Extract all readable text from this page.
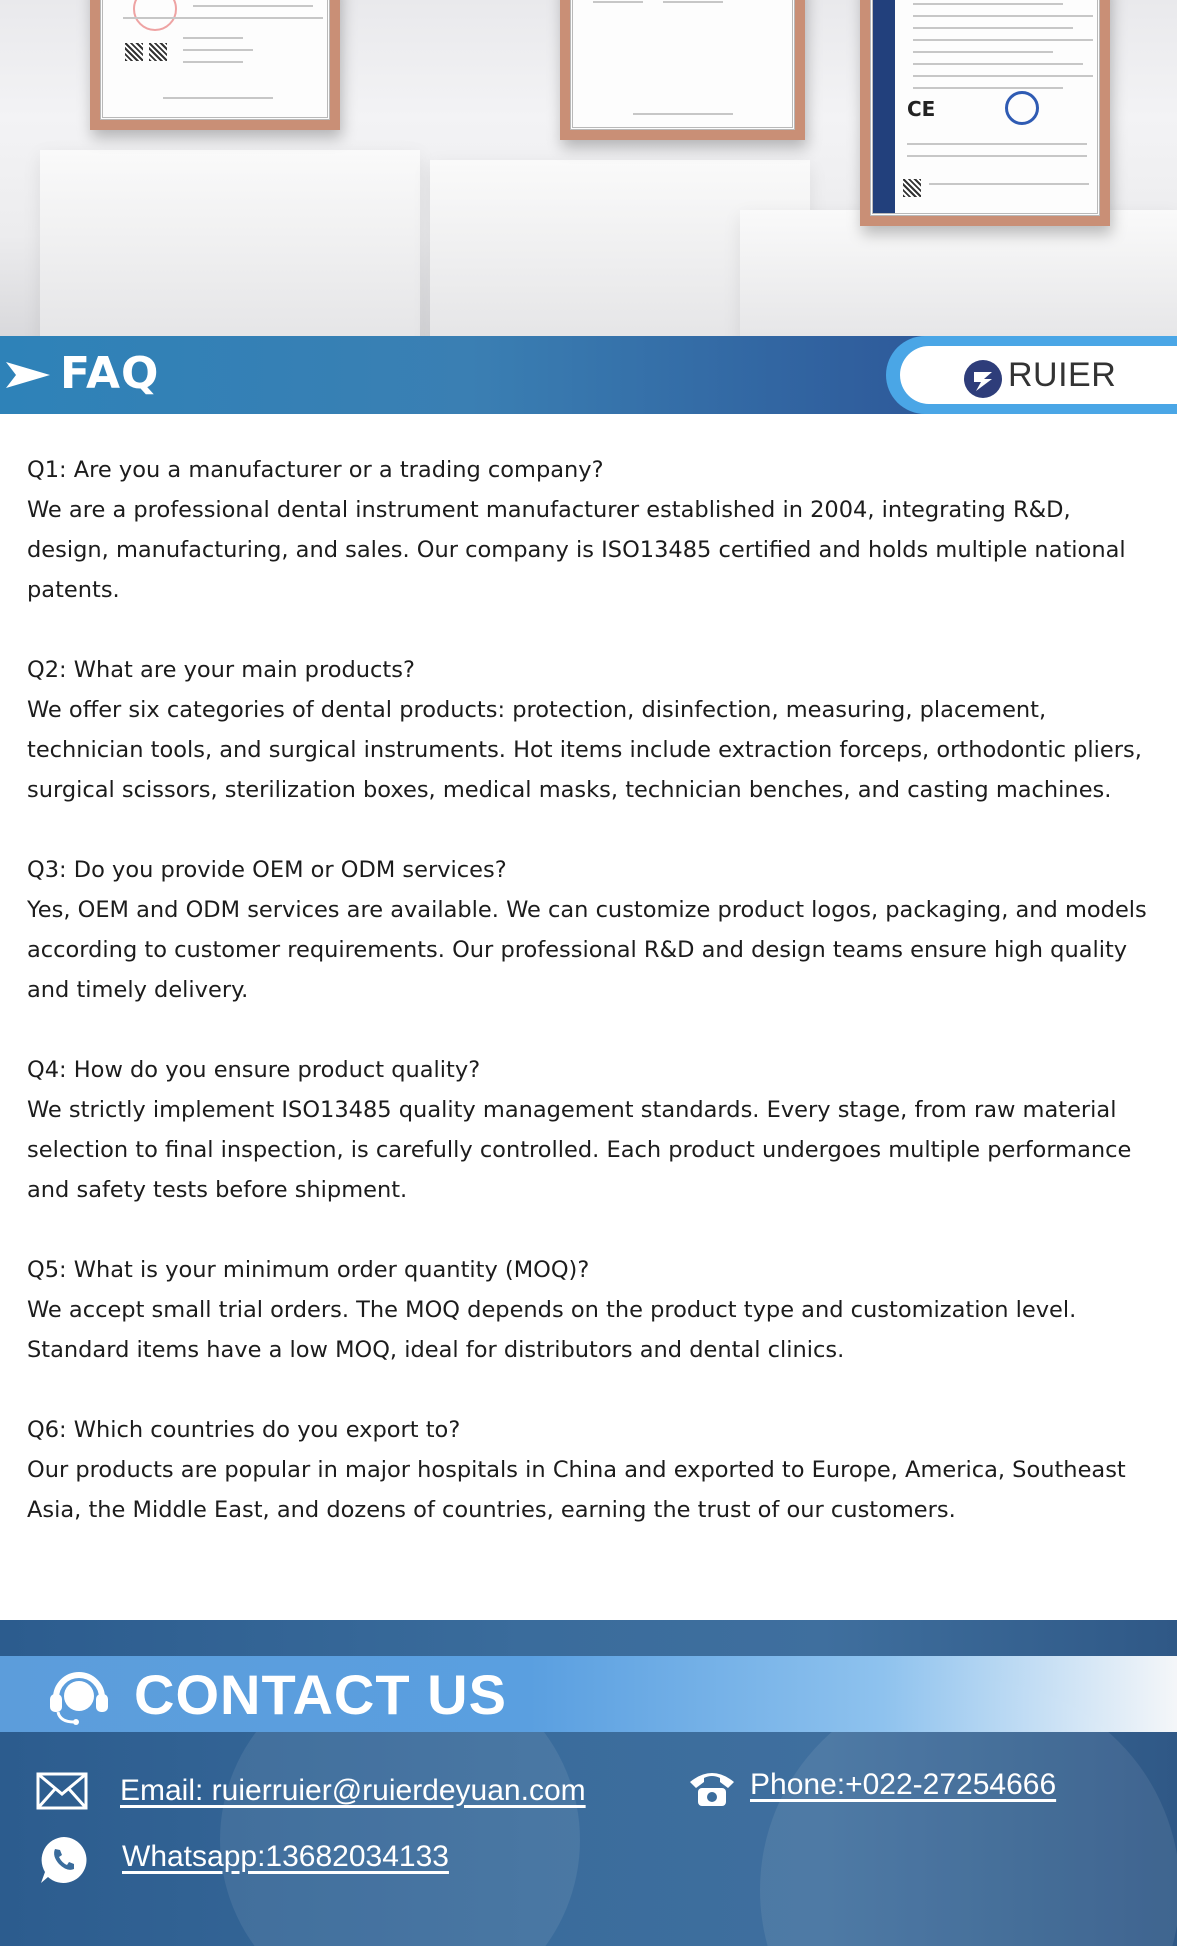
CE
FAQ	RUIER

Q1: Are you a manufacturer or a trading company?

We are a professional dental instrument manufacturer established in 2004, integrating R&D, design, manufacturing, and sales. Our company is ISO13485 certified and holds multiple national patents.

Q2: What are your main products?

We offer six categories of dental products: protection, disinfection, measuring, placement, technician tools, and surgical instruments. Hot items include extraction forceps, orthodontic pliers, surgical scissors, sterilization boxes, medical masks, technician benches, and casting machines.

Q3: Do you provide OEM or ODM services?

Yes, OEM and ODM services are available. We can customize product logos, packaging, and models according to customer requirements. Our professional R&D and design teams ensure high quality and timely delivery.

Q4: How do you ensure product quality?

We strictly implement ISO13485 quality management standards. Every stage, from raw material selection to final inspection, is carefully controlled. Each product undergoes multiple performance and safety tests before shipment.

Q5: What is your minimum order quantity (MOQ)?

We accept small trial orders. The MOQ depends on the product type and customization level. Standard items have a low MOQ, ideal for distributors and dental clinics.

Q6: Which countries do you export to?

Our products are popular in major hospitals in China and exported to Europe, America, Southeast Asia, the Middle East, and dozens of countries, earning the trust of our customers.

CONTACT US
Email: ruierruier@ruierdeyuan.com	Phone:+022-27254666
Whatsapp:13682034133
